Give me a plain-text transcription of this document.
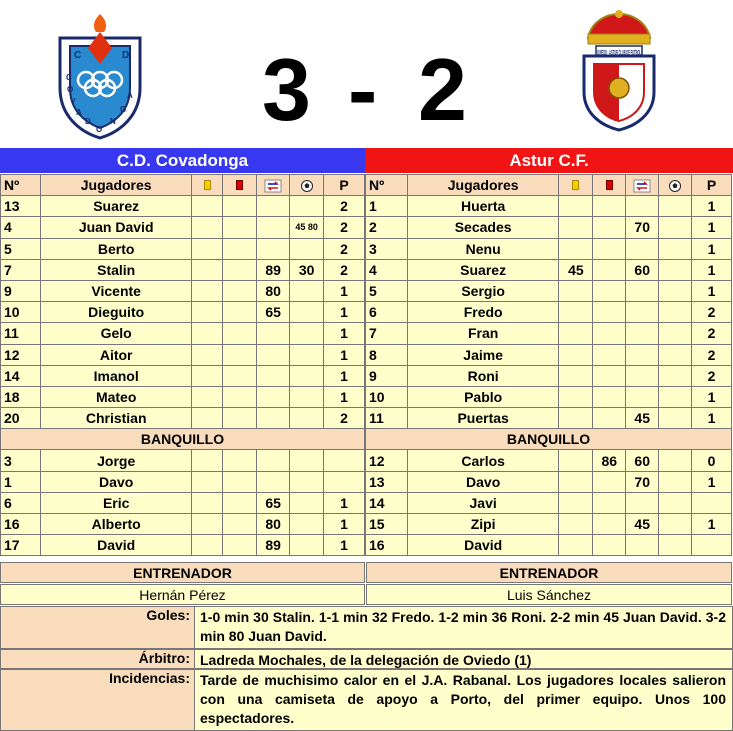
C	D
C
O
V
A
D
O
N
G
A 3 - 2	OVIEDO · ASTUR CLUB DE FUTBOL
C.D. Covadonga	Astur C.F.
Nº	Jugadores					P
13	Suarez					2
4	Juan David				45 80	2
5	Berto					2
7	Stalin			89	30	2
9	Vicente			80		1
10	Dieguito			65		1
11	Gelo					1
12	Aitor					1
14	Imanol					1
18	Mateo					1
20	Christian					2
BANQUILLO						
3	Jorge					
1	Davo					
6	Eric			65		1
16	Alberto			80		1
17	David			89		1
Nº	Jugadores					P
1	Huerta					1
2	Secades			70		1
3	Nenu					1
4	Suarez	45		60		1
5	Sergio					1
6	Fredo					2
7	Fran					2
8	Jaime					2
9	Roni					2
10	Pablo					1
11	Puertas			45		1
BANQUILLO						
12	Carlos		86	60		0
13	Davo			70		1
14	Javi					
15	Zipi			45		1
16	David					
ENTRENADOR	ENTRENADOR
Hernán Pérez	Luis Sánchez
Goles: 1-0 min 30 Stalin. 1-1 min 32 Fredo. 1-2 min 36 Roni. 2-2 min 45 Juan David. 3-2 min 80 Juan David.
Árbitro: Ladreda Mochales, de la delegación de Oviedo (1)
Incidencias: Tarde de muchisimo calor en el J.A. Rabanal. Los jugadores locales salieron con una camiseta de apoyo a Porto, del primer equipo. Unos 100 espectadores.
